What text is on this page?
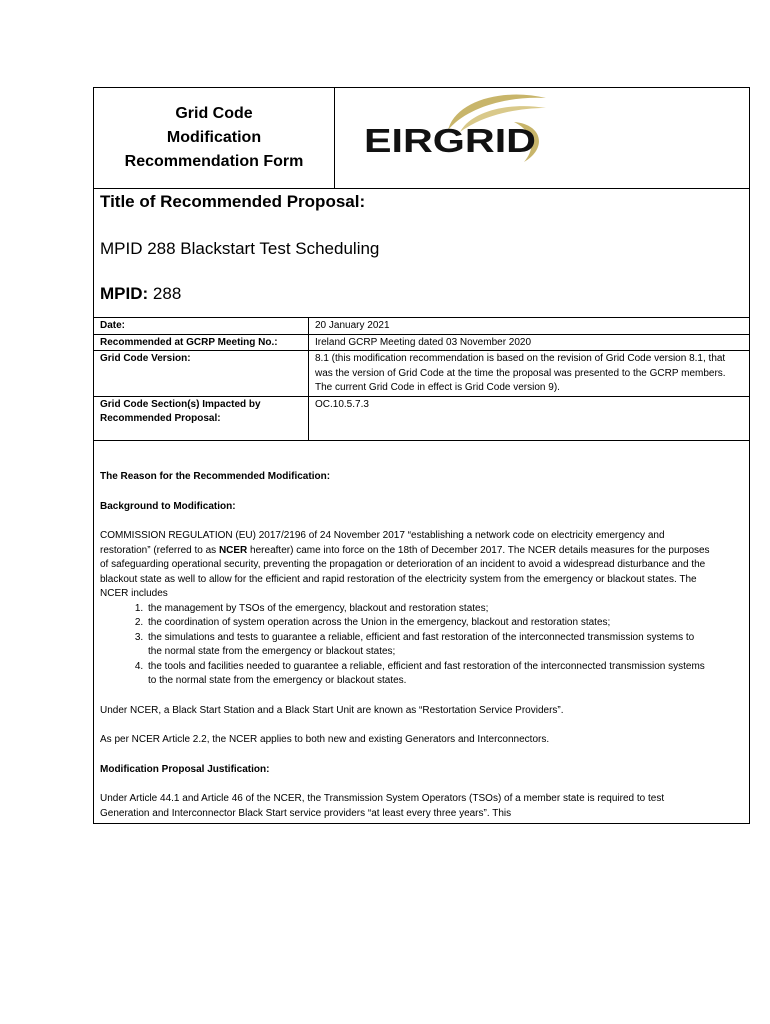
Grid Code
Modification
Recommendation Form
EIRGRID
Title of Recommended Proposal:
MPID 288 Blackstart Test Scheduling
MPID: 288
Date:	20 January 2021
Recommended at GCRP Meeting No.:	Ireland GCRP Meeting dated 03 November 2020
Grid Code Version:	8.1 (this modification recommendation is based on the revision of Grid Code version 8.1, that was the version of Grid Code at the time the proposal was presented to the GCRP members. The current Grid Code in effect is Grid Code version 9).
Grid Code Section(s) Impacted by Recommended Proposal:	OC.10.5.7.3

The Reason for the Recommended Modification:

Background to Modification:

COMMISSION REGULATION (EU) 2017/2196 of 24 November 2017 “establishing a network code on electricity emergency and restoration” (referred to as NCER hereafter) came into force on the 18th of December 2017. The NCER details measures for the purposes of safeguarding operational security, preventing the propagation or deterioration of an incident to avoid a widespread disturbance and the blackout state as well to allow for the efficient and rapid restoration of the electricity system from the emergency or blackout states. The NCER includes

1. the management by TSOs of the emergency, blackout and restoration states;
2. the coordination of system operation across the Union in the emergency, blackout and restoration states;
3. the simulations and tests to guarantee a reliable, efficient and fast restoration of the interconnected transmission systems to the normal state from the emergency or blackout states;
4. the tools and facilities needed to guarantee a reliable, efficient and fast restoration of the interconnected transmission systems to the normal state from the emergency or blackout states.

Under NCER, a Black Start Station and a Black Start Unit are known as “Restortation Service Providers”.

As per NCER Article 2.2, the NCER applies to both new and existing Generators and Interconnectors.

Modification Proposal Justification:

Under Article 44.1 and Article 46 of the NCER, the Transmission System Operators (TSOs) of a member state is required to test Generation and Interconnector Black Start service providers “at least every three years”. This
